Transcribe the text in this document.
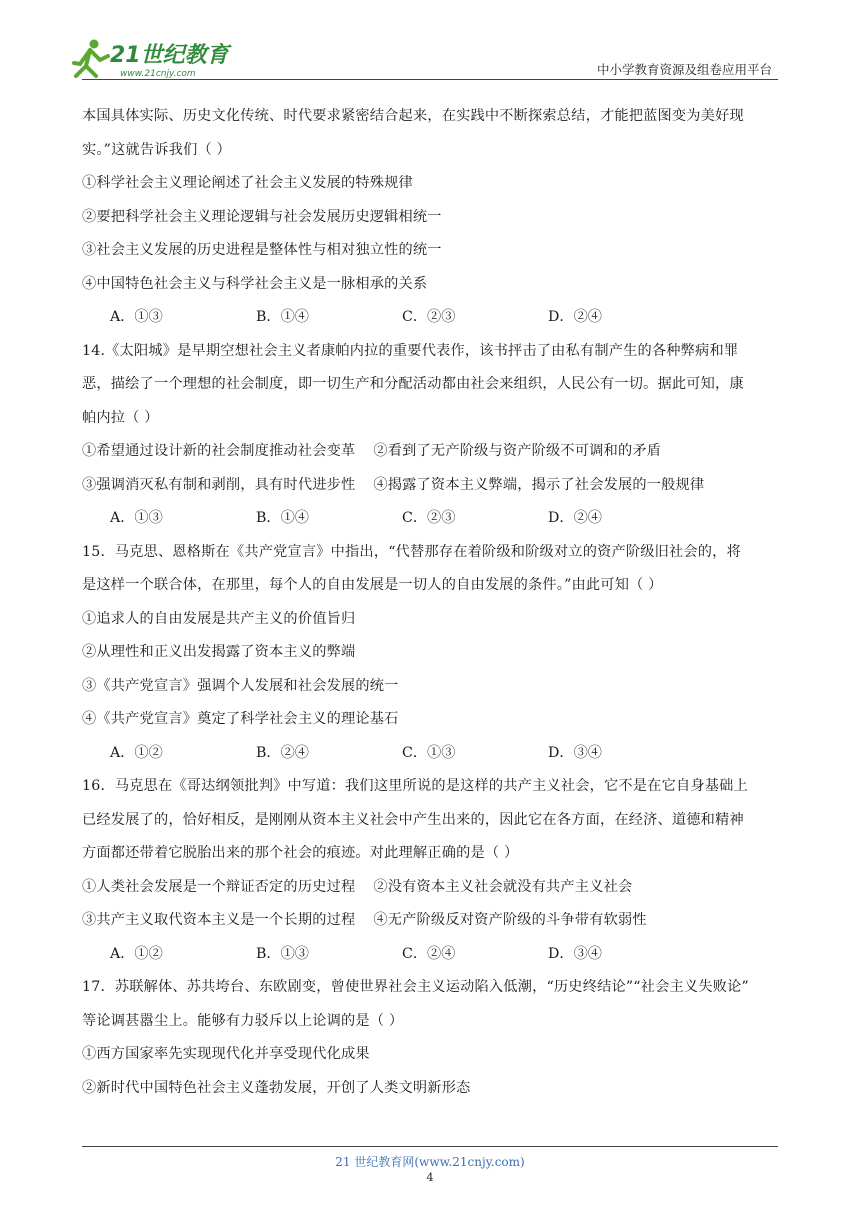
21世纪教育
www.21cnjy.com	中小学教育资源及组卷应用平台
本国具体实际、历史文化传统、时代要求紧密结合起来，在实践中不断探索总结，才能把蓝图变为美好现
实。”这就告诉我们（ ）
①科学社会主义理论阐述了社会主义发展的特殊规律
②要把科学社会主义理论逻辑与社会发展历史逻辑相统一
③社会主义发展的历史进程是整体性与相对独立性的统一
④中国特色社会主义与科学社会主义是一脉相承的关系
A．①③	B．①④	C．②③	D．②④
14.《太阳城》是早期空想社会主义者康帕内拉的重要代表作，该书抨击了由私有制产生的各种弊病和罪
恶，描绘了一个理想的社会制度，即一切生产和分配活动都由社会来组织，人民公有一切。据此可知，康
帕内拉（ ）
①希望通过设计新的社会制度推动社会变革 ②看到了无产阶级与资产阶级不可调和的矛盾
③强调消灭私有制和剥削，具有时代进步性 ④揭露了资本主义弊端，揭示了社会发展的一般规律
A．①③	B．①④	C．②③	D．②④
15．马克思、恩格斯在《共产党宣言》中指出，“代替那存在着阶级和阶级对立的资产阶级旧社会的，将
是这样一个联合体，在那里，每个人的自由发展是一切人的自由发展的条件。”由此可知（ ）
①追求人的自由发展是共产主义的价值旨归
②从理性和正义出发揭露了资本主义的弊端
③《共产党宣言》强调个人发展和社会发展的统一
④《共产党宣言》奠定了科学社会主义的理论基石
A．①②	B．②④	C．①③	D．③④
16．马克思在《哥达纲领批判》中写道：我们这里所说的是这样的共产主义社会，它不是在它自身基础上
已经发展了的，恰好相反，是刚刚从资本主义社会中产生出来的，因此它在各方面，在经济、道德和精神
方面都还带着它脱胎出来的那个社会的痕迹。对此理解正确的是（ ）
①人类社会发展是一个辩证否定的历史过程 ②没有资本主义社会就没有共产主义社会
③共产主义取代资本主义是一个长期的过程 ④无产阶级反对资产阶级的斗争带有软弱性
A．①②	B．①③	C．②④	D．③④
17．苏联解体、苏共垮台、东欧剧变，曾使世界社会主义运动陷入低潮，“历史终结论”“社会主义失败论”
等论调甚嚣尘上。能够有力驳斥以上论调的是（ ）
①西方国家率先实现现代化并享受现代化成果
②新时代中国特色社会主义蓬勃发展，开创了人类文明新形态
21 世纪教育网(www.21cnjy.com)
4
